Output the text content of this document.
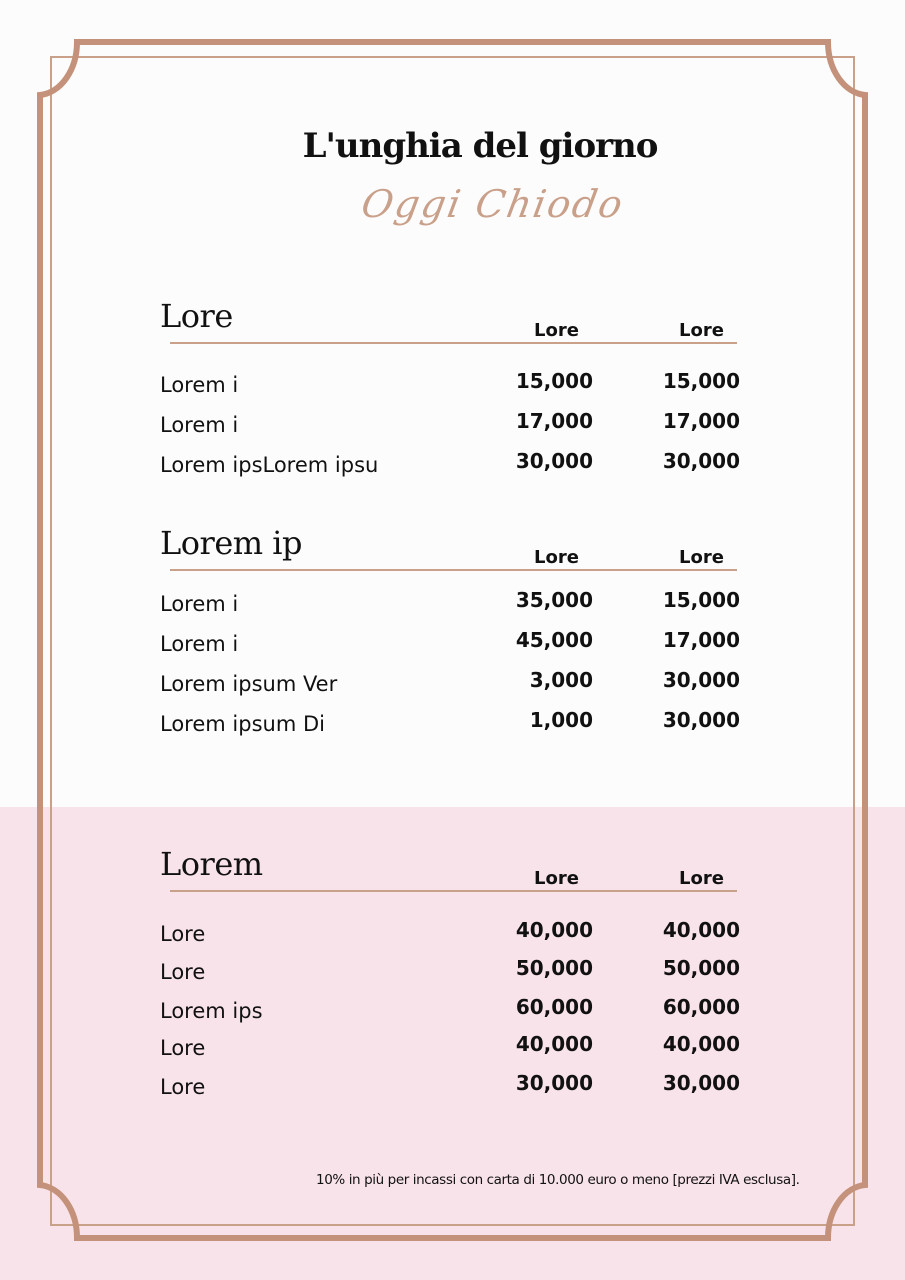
L'unghia del giorno
Oggi Chiodo
Lore	Lore	Lore
Lorem i	15,000	15,000
Lorem i	17,000	17,000
Lorem ipsLorem ipsu	30,000	30,000
Lorem ip	Lore	Lore
Lorem i	35,000	15,000
Lorem i	45,000	17,000
Lorem ipsum Ver	3,000	30,000
Lorem ipsum Di	1,000	30,000
Lorem	Lore	Lore
Lore	40,000	40,000
Lore	50,000	50,000
Lorem ips	60,000	60,000
Lore	40,000	40,000
Lore	30,000	30,000
10% in più per incassi con carta di 10.000 euro o meno [prezzi IVA esclusa].
